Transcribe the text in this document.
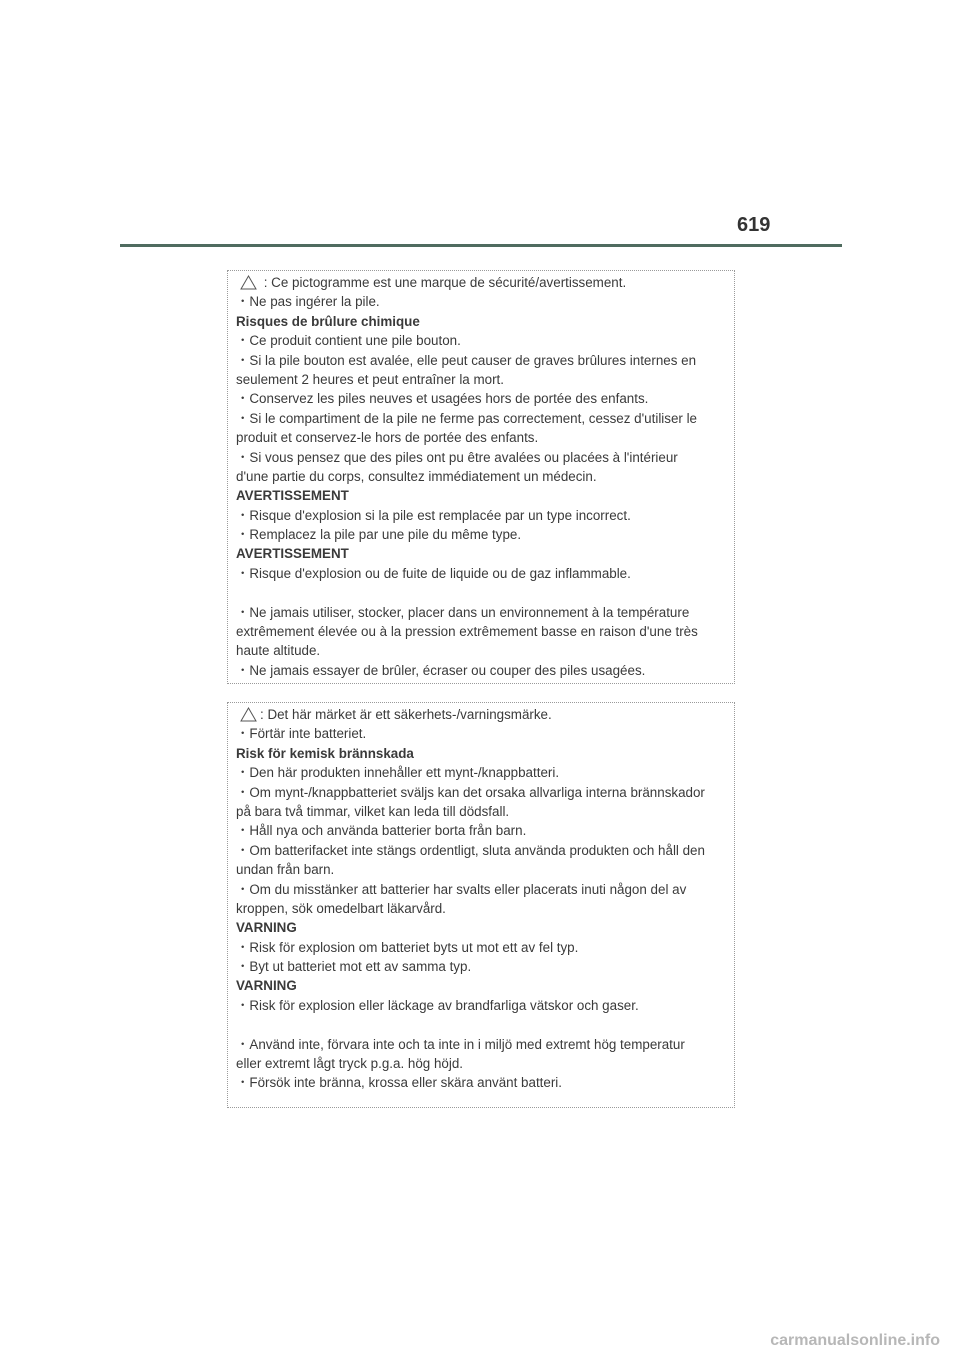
619
: Ce pictogramme est une marque de sécurité/avertissement.
・Ne pas ingérer la pile.
Risques de brûlure chimique
・Ce produit contient une pile bouton.
・Si la pile bouton est avalée, elle peut causer de graves brûlures internes en
seulement 2 heures et peut entraîner la mort.
・Conservez les piles neuves et usagées hors de portée des enfants.
・Si le compartiment de la pile ne ferme pas correctement, cessez d'utiliser le
produit et conservez-le hors de portée des enfants.
・Si vous pensez que des piles ont pu être avalées ou placées à l'intérieur
d'une partie du corps, consultez immédiatement un médecin.
AVERTISSEMENT
・Risque d'explosion si la pile est remplacée par un type incorrect.
・Remplacez la pile par une pile du même type.
AVERTISSEMENT
・Risque d'explosion ou de fuite de liquide ou de gaz inflammable.
・Ne jamais utiliser, stocker, placer dans un environnement à la température
extrêmement élevée ou à la pression extrêmement basse en raison d'une très
haute altitude.
・Ne jamais essayer de brûler, écraser ou couper des piles usagées.
: Det här märket är ett säkerhets-/varningsmärke.
・Förtär inte batteriet.
Risk för kemisk brännskada
・Den här produkten innehåller ett mynt-/knappbatteri.
・Om mynt-/knappbatteriet sväljs kan det orsaka allvarliga interna brännskador
på bara två timmar, vilket kan leda till dödsfall.
・Håll nya och använda batterier borta från barn.
・Om batterifacket inte stängs ordentligt, sluta använda produkten och håll den
undan från barn.
・Om du misstänker att batterier har svalts eller placerats inuti någon del av
kroppen, sök omedelbart läkarvård.
VARNING
・Risk för explosion om batteriet byts ut mot ett av fel typ.
・Byt ut batteriet mot ett av samma typ.
VARNING
・Risk för explosion eller läckage av brandfarliga vätskor och gaser.
・Använd inte, förvara inte och ta inte in i miljö med extremt hög temperatur
eller extremt lågt tryck p.g.a. hög höjd.
・Försök inte bränna, krossa eller skära använt batteri.
carmanualsonline.info
